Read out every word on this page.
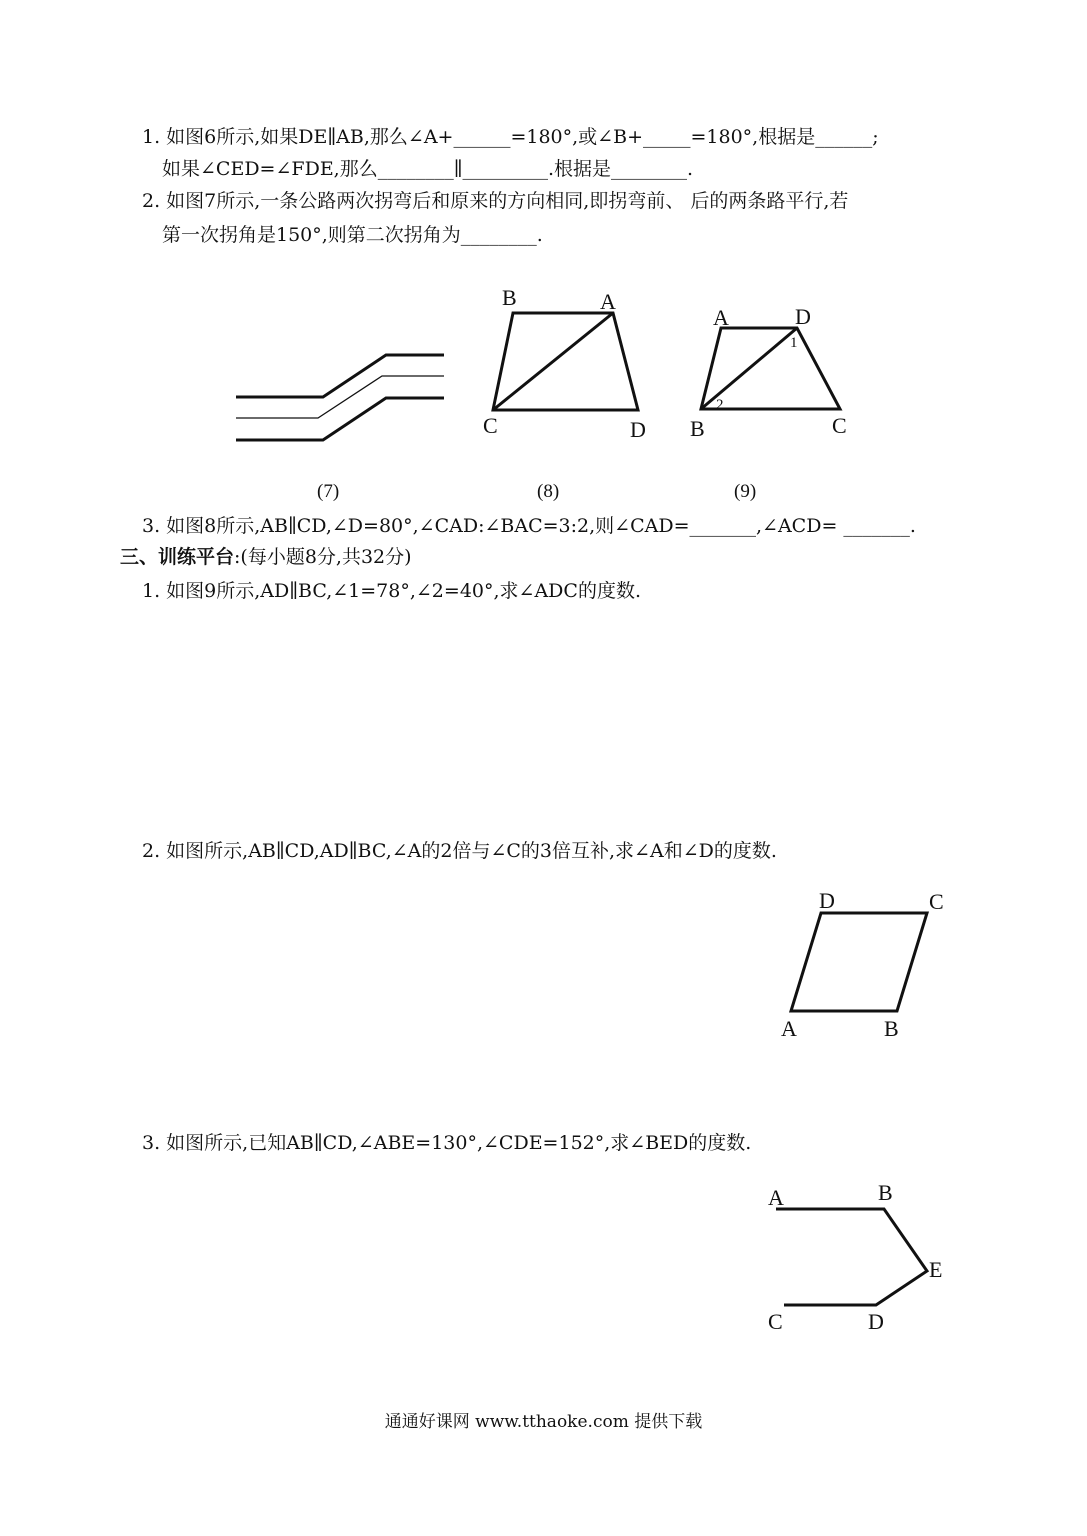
1. 如图6所示,如果DE∥AB,那么∠A+______=180°,或∠B+_____=180°,根据是______;
如果∠CED=∠FDE,那么________∥_________.根据是________.
2. 如图7所示,一条公路两次拐弯后和原来的方向相同,即拐弯前、 后的两条路平行,若
第一次拐角是150°,则第二次拐角为________.
B	A
C	D
A	D
B	C
1
2
D	C
A	B
A	B
E
C	D
(7)	(8)	(9)
3. 如图8所示,AB∥CD,∠D=80°,∠CAD:∠BAC=3:2,则∠CAD=_______,∠ACD= _______.
三、训练平台:(每小题8分,共32分)
1. 如图9所示,AD∥BC,∠1=78°,∠2=40°,求∠ADC的度数.
2. 如图所示,AB∥CD,AD∥BC,∠A的2倍与∠C的3倍互补,求∠A和∠D的度数.
3. 如图所示,已知AB∥CD,∠ABE=130°,∠CDE=152°,求∠BED的度数.
通通好课网 www.tthaoke.com 提供下载
